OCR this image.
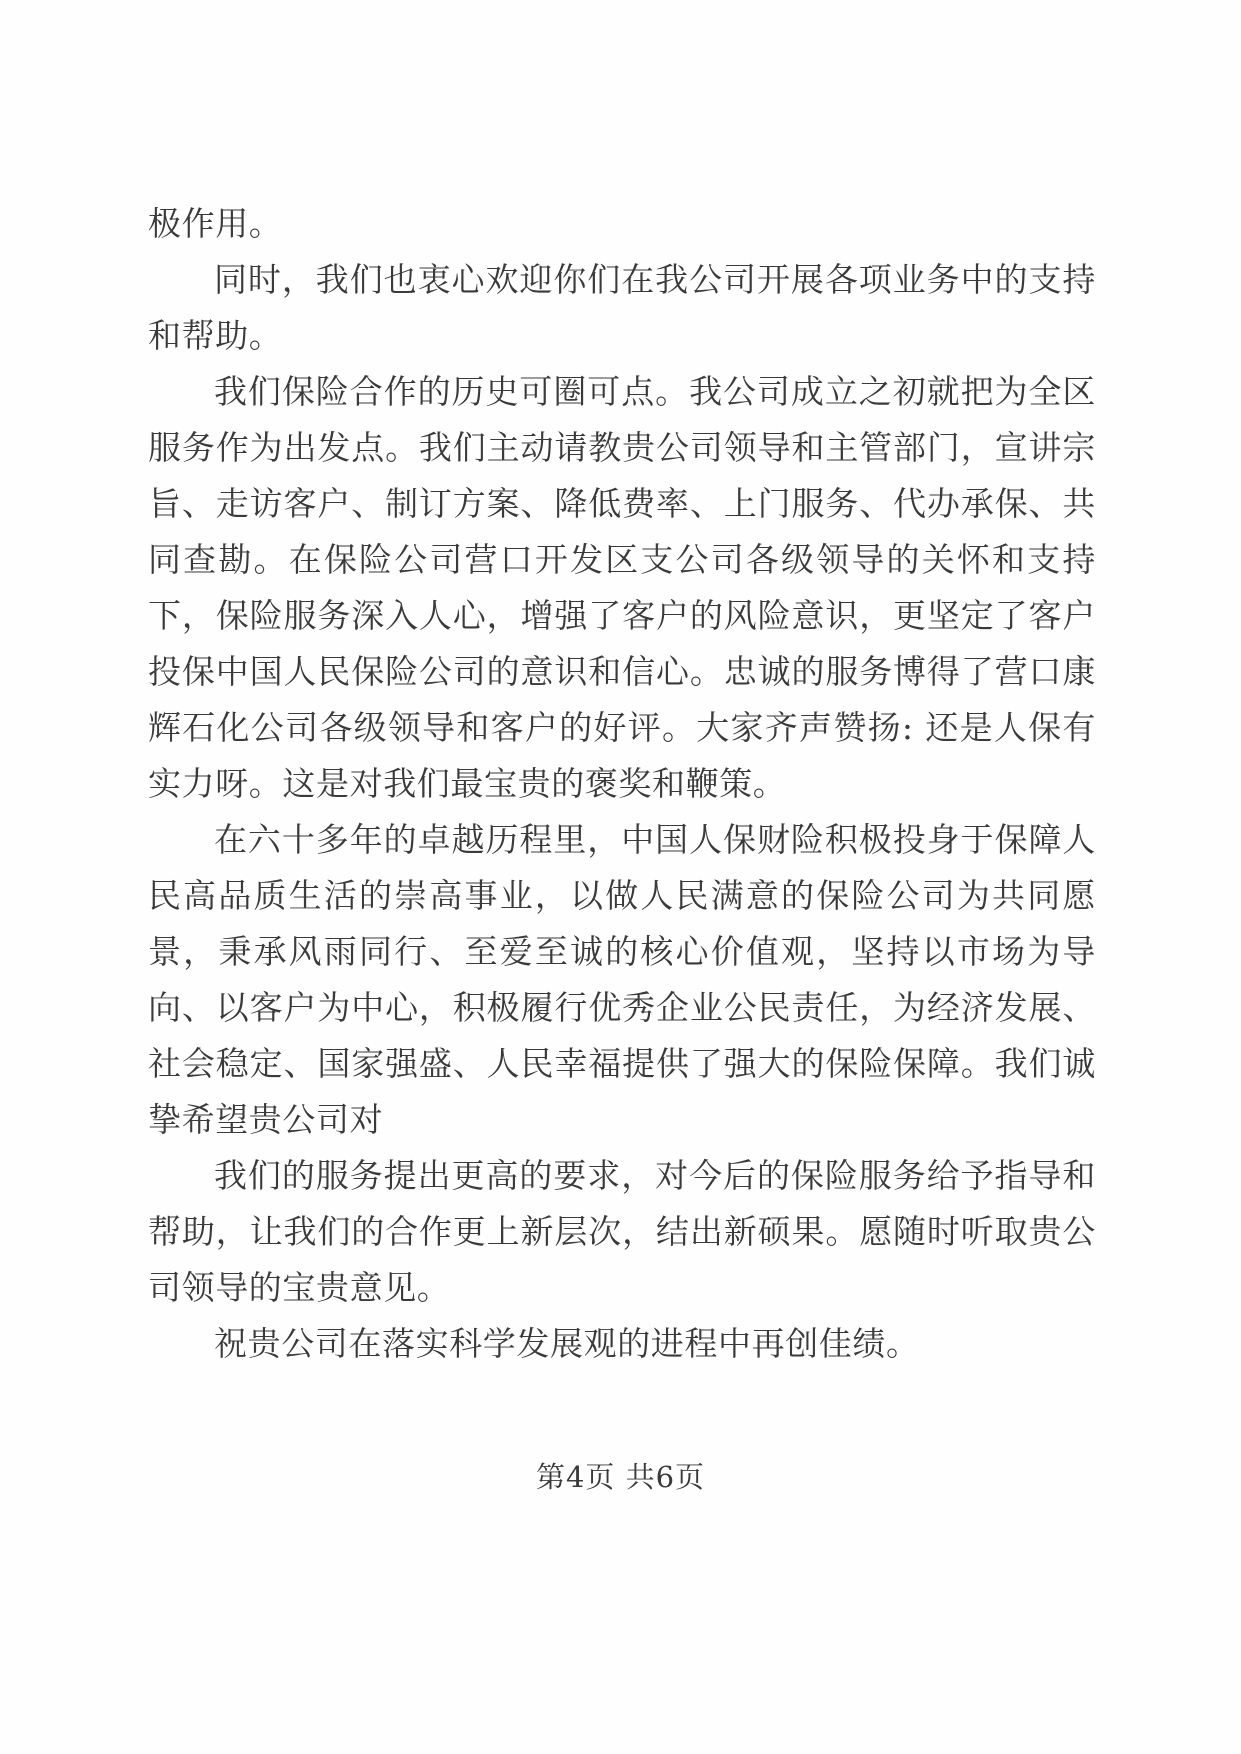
极作用。

同时，我们也衷心欢迎你们在我公司开展各项业务中的支持和帮助。

我们保险合作的历史可圈可点。我公司成立之初就把为全区服务作为出发点。我们主动请教贵公司领导和主管部门，宣讲宗旨、走访客户、制订方案、降低费率、上门服务、代办承保、共同查勘。在保险公司营口开发区支公司各级领导的关怀和支持下，保险服务深入人心，增强了客户的风险意识，更坚定了客户投保中国人民保险公司的意识和信心。忠诚的服务博得了营口康辉石化公司各级领导和客户的好评。大家齐声赞扬: 还是人保有实力呀。这是对我们最宝贵的褒奖和鞭策。

在六十多年的卓越历程里，中国人保财险积极投身于保障人民高品质生活的崇高事业，以做人民满意的保险公司为共同愿景，秉承风雨同行、至爱至诚的核心价值观，坚持以市场为导向、以客户为中心，积极履行优秀企业公民责任，为经济发展、社会稳定、国家强盛、人民幸福提供了强大的保险保障。我们诚挚希望贵公司对

我们的服务提出更高的要求，对今后的保险服务给予指导和帮助，让我们的合作更上新层次，结出新硕果。愿随时听取贵公司领导的宝贵意见。

祝贵公司在落实科学发展观的进程中再创佳绩。

第4页 共6页
